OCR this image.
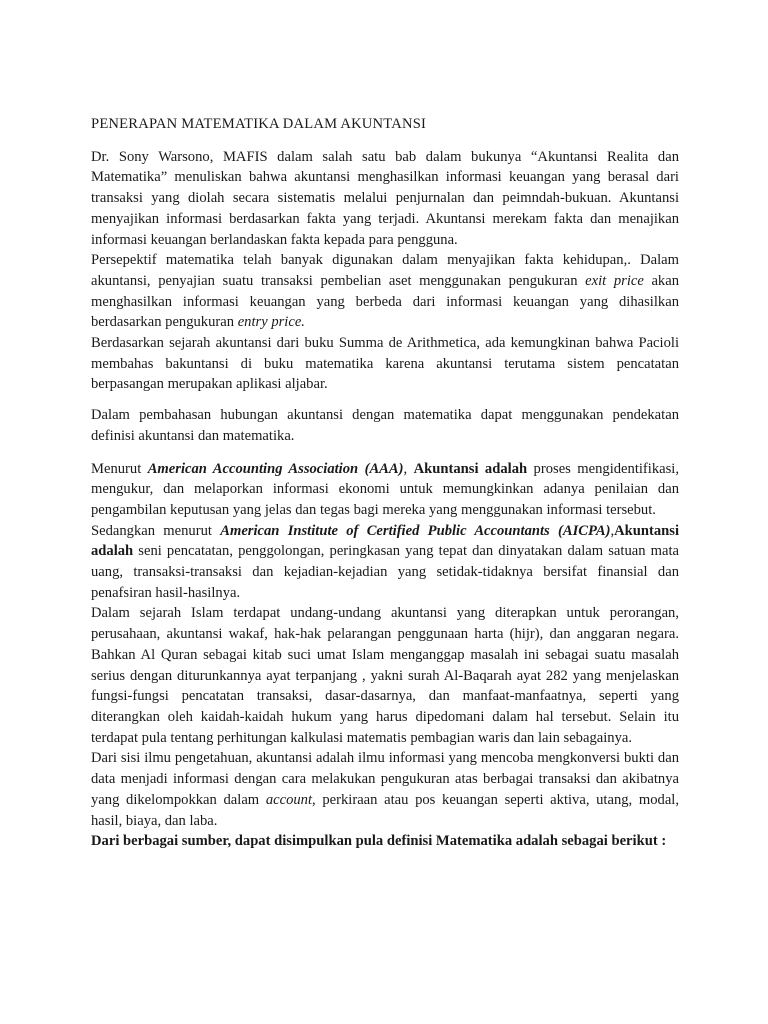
PENERAPAN MATEMATIKA DALAM AKUNTANSI

Dr. Sony Warsono, MAFIS dalam salah satu bab dalam bukunya “Akuntansi Realita dan Matematika” menuliskan bahwa akuntansi menghasilkan informasi keuangan yang berasal dari transaksi yang diolah secara sistematis melalui penjurnalan dan peimndah-bukuan. Akuntansi menyajikan informasi berdasarkan fakta yang terjadi. Akuntansi merekam fakta dan menajikan informasi keuangan berlandaskan fakta kepada para pengguna.

Persepektif matematika telah banyak digunakan dalam menyajikan fakta kehidupan,. Dalam akuntansi, penyajian suatu transaksi pembelian aset menggunakan pengukuran exit price akan menghasilkan informasi keuangan yang berbeda dari informasi keuangan yang dihasilkan berdasarkan pengukuran entry price.

Berdasarkan sejarah akuntansi dari buku Summa de Arithmetica, ada kemungkinan bahwa Pacioli membahas bakuntansi di buku matematika karena akuntansi terutama sistem pencatatan berpasangan merupakan aplikasi aljabar.

Dalam pembahasan hubungan akuntansi dengan matematika dapat menggunakan pendekatan definisi akuntansi dan matematika.

Menurut American Accounting Association (AAA), Akuntansi adalah proses mengidentifikasi, mengukur, dan melaporkan informasi ekonomi untuk memungkinkan adanya penilaian dan pengambilan keputusan yang jelas dan tegas bagi mereka yang menggunakan informasi tersebut.

Sedangkan menurut American Institute of Certified Public Accountants (AICPA),Akuntansi adalah seni pencatatan, penggolongan, peringkasan yang tepat dan dinyatakan dalam satuan mata uang, transaksi-transaksi dan kejadian-kejadian yang setidak-tidaknya bersifat finansial dan penafsiran hasil-hasilnya.

Dalam sejarah Islam terdapat undang-undang akuntansi yang diterapkan untuk perorangan, perusahaan, akuntansi wakaf, hak-hak pelarangan penggunaan harta (hijr), dan anggaran negara. Bahkan Al Quran sebagai kitab suci umat Islam menganggap masalah ini sebagai suatu masalah serius dengan diturunkannya ayat terpanjang , yakni surah Al-Baqarah ayat 282 yang menjelaskan fungsi-fungsi pencatatan transaksi, dasar-dasarnya, dan manfaat-manfaatnya, seperti yang diterangkan oleh kaidah-kaidah hukum yang harus dipedomani dalam hal tersebut. Selain itu terdapat pula tentang perhitungan kalkulasi matematis pembagian waris dan lain sebagainya.

Dari sisi ilmu pengetahuan, akuntansi adalah ilmu informasi yang mencoba mengkonversi bukti dan data menjadi informasi dengan cara melakukan pengukuran atas berbagai transaksi dan akibatnya yang dikelompokkan dalam account, perkiraan atau pos keuangan seperti aktiva, utang, modal, hasil, biaya, dan laba.

Dari berbagai sumber, dapat disimpulkan pula definisi Matematika adalah sebagai berikut :
